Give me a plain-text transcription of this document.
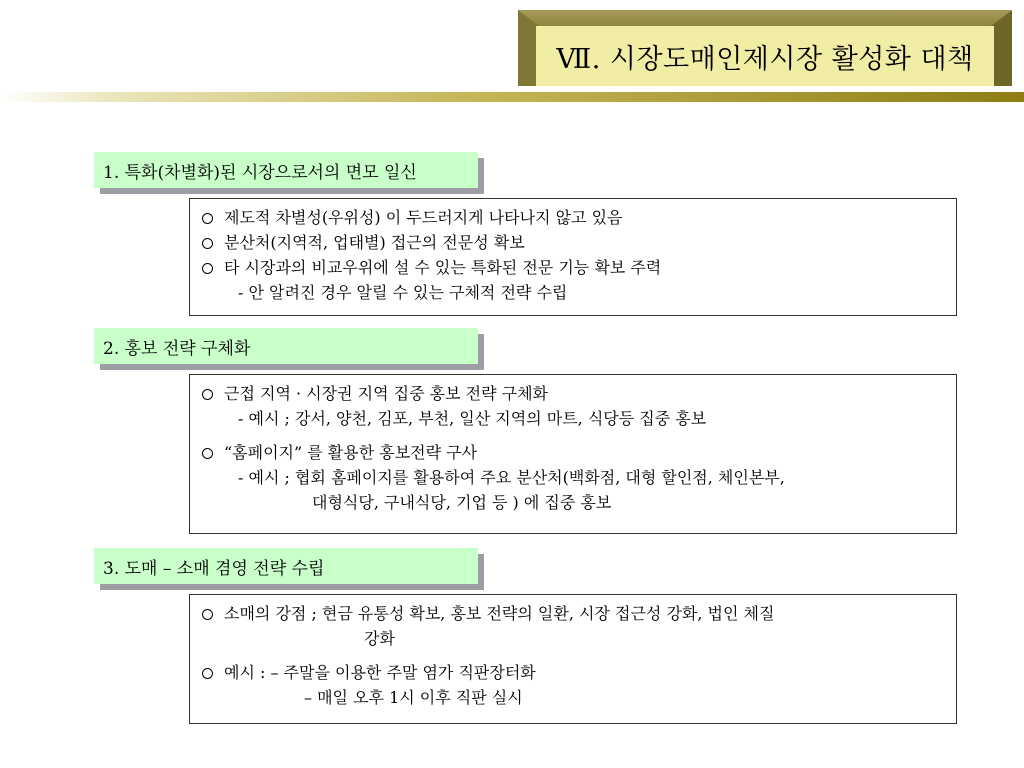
Ⅶ. 시장도매인제시장 활성화 대책
1. 특화(차별화)된 시장으로서의 면모 일신
제도적 차별성(우위성) 이 두드러지게 나타나지 않고 있음
분산처(지역적, 업태별) 접근의 전문성 확보
타 시장과의 비교우위에 설 수 있는 특화된 전문 기능 확보 주력
- 안 알려진 경우 알릴 수 있는 구체적 전략 수립
2. 홍보 전략 구체화
근접 지역 · 시장권 지역 집중 홍보 전략 구체화
- 예시 ; 강서, 양천, 김포, 부천, 일산 지역의 마트, 식당등 집중 홍보
“홈페이지” 를 활용한 홍보전략 구사
- 예시 ; 협회 홈페이지를 활용하여 주요 분산처(백화점, 대형 할인점, 체인본부,
대형식당, 구내식당, 기업 등 ) 에 집중 홍보
3. 도매 – 소매 겸영 전략 수립
소매의 강점 ; 현금 유통성 확보, 홍보 전략의 일환, 시장 접근성 강화, 법인 체질
강화
예시 : – 주말을 이용한 주말 염가 직판장터화
– 매일 오후 1시 이후 직판 실시
